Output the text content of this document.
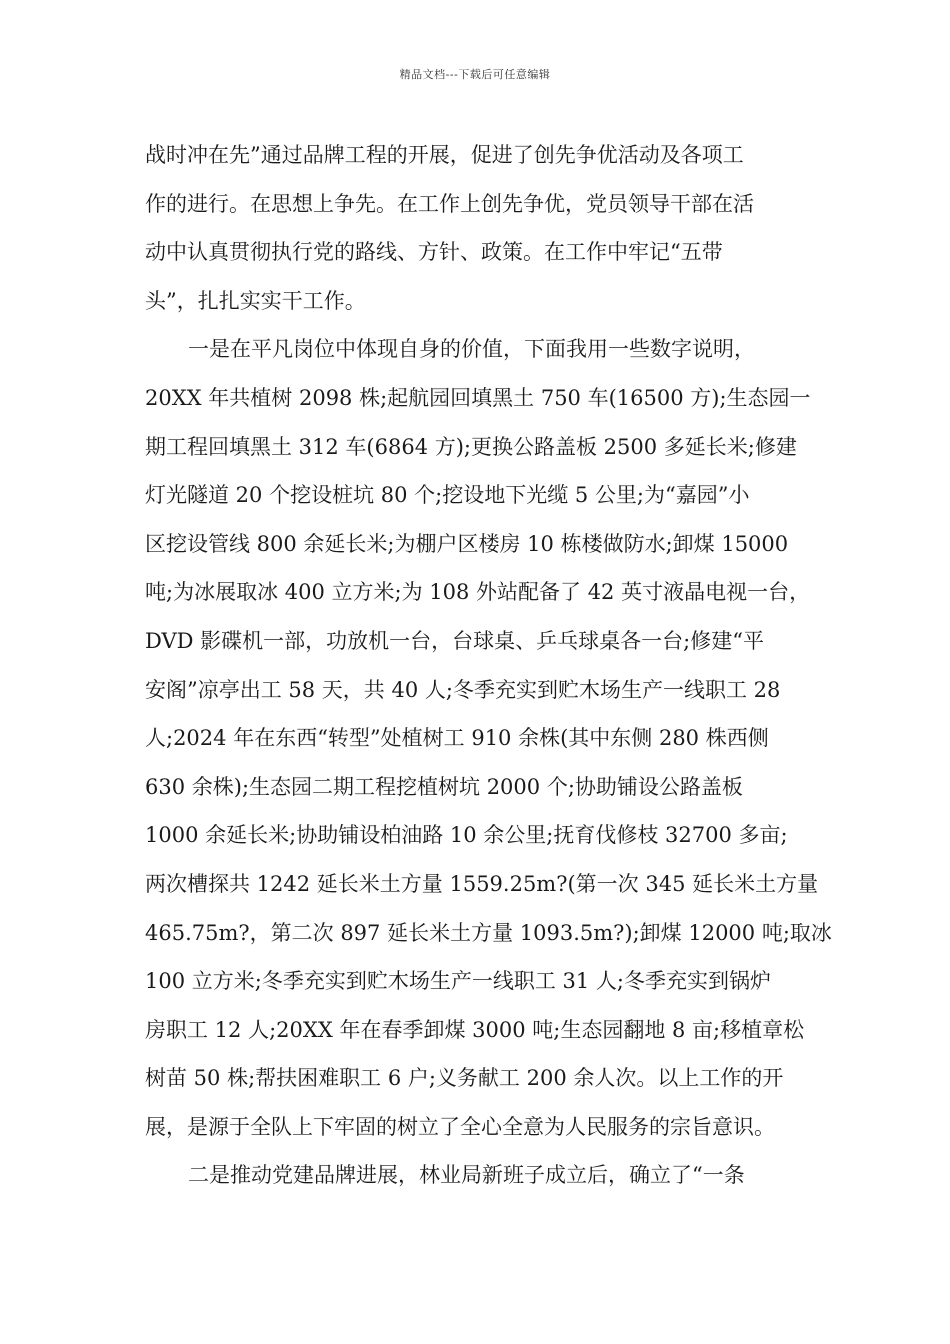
精品文档---下载后可任意编辑
战时冲在先”通过品牌工程的开展，促进了创先争优活动及各项工
作的进行。在思想上争先。在工作上创先争优，党员领导干部在活
动中认真贯彻执行党的路线、方针、政策。在工作中牢记“五带
头”，扎扎实实干工作。
一是在平凡岗位中体现自身的价值，下面我用一些数字说明，
20XX 年共植树 2098 株;起航园回填黑土 750 车(16500 方);生态园一
期工程回填黑土 312 车(6864 方);更换公路盖板 2500 多延长米;修建
灯光隧道 20 个挖设桩坑 80 个;挖设地下光缆 5 公里;为“嘉园”小
区挖设管线 800 余延长米;为棚户区楼房 10 栋楼做防水;卸煤 15000
吨;为冰展取冰 400 立方米;为 108 外站配备了 42 英寸液晶电视一台，
DVD 影碟机一部，功放机一台，台球桌、乒乓球桌各一台;修建“平
安阁”凉亭出工 58 天，共 40 人;冬季充实到贮木场生产一线职工 28
人;2024 年在东西“转型”处植树工 910 余株(其中东侧 280 株西侧
630 余株);生态园二期工程挖植树坑 2000 个;协助铺设公路盖板
1000 余延长米;协助铺设柏油路 10 余公里;抚育伐修枝 32700 多亩;
两次槽探共 1242 延长米土方量 1559.25m?(第一次 345 延长米土方量
465.75m?，第二次 897 延长米土方量 1093.5m?);卸煤 12000 吨;取冰
100 立方米;冬季充实到贮木场生产一线职工 31 人;冬季充实到锅炉
房职工 12 人;20XX 年在春季卸煤 3000 吨;生态园翻地 8 亩;移植章松
树苗 50 株;帮扶困难职工 6 户;义务献工 200 余人次。以上工作的开
展，是源于全队上下牢固的树立了全心全意为人民服务的宗旨意识。
二是推动党建品牌进展，林业局新班子成立后，确立了“一条
